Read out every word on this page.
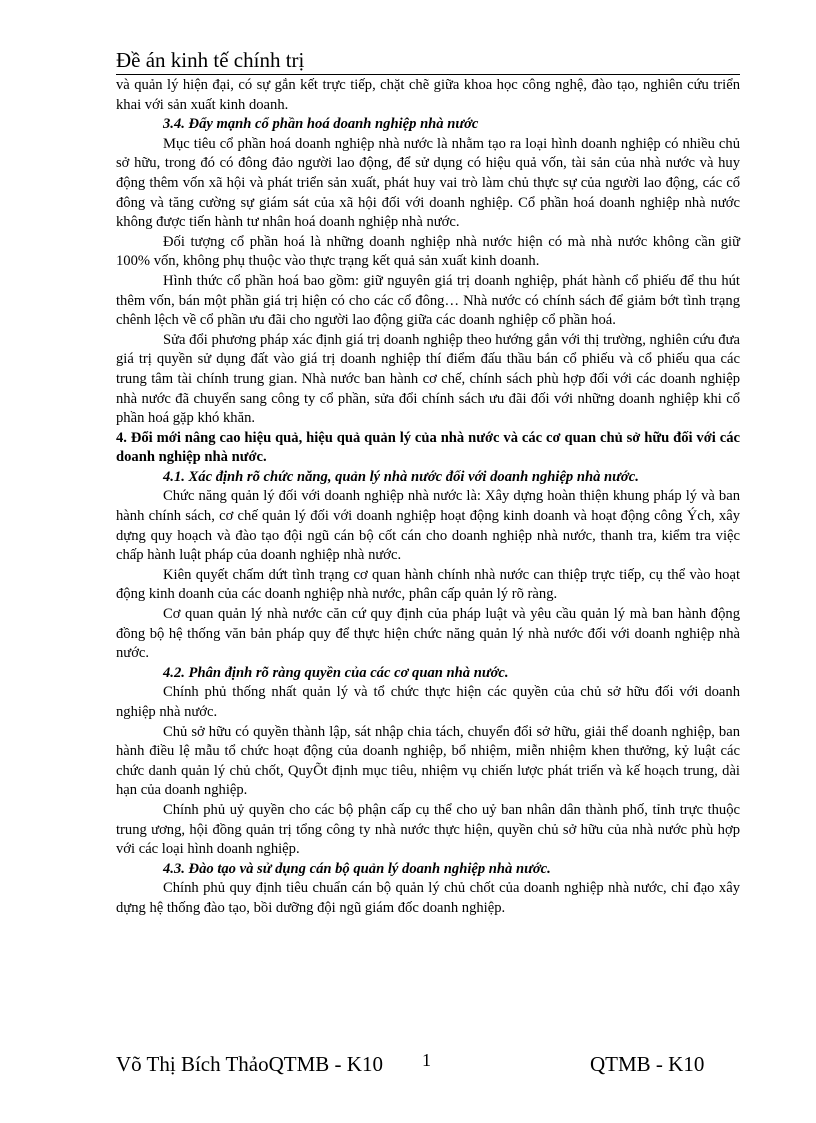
Đề án kinh tế chính trị

và quản lý hiện đại, có sự gắn kết trực tiếp, chặt chẽ giữa khoa học công nghệ, đào tạo, nghiên cứu triển khai với sản xuất kinh doanh.

3.4. Đẩy mạnh cổ phần hoá doanh nghiệp nhà nước

Mục tiêu cổ phần hoá doanh nghiệp nhà nước là nhằm tạo ra loại hình doanh nghiệp có nhiều chủ sở hữu, trong đó có đông đảo người lao động, để sử dụng có hiệu quả vốn, tài sản của nhà nước và huy động thêm vốn xã hội và phát triển sản xuất, phát huy vai trò làm chủ thực sự của người lao động, các cổ đông và tăng cường sự giám sát của xã hội đối với doanh nghiệp. Cổ phần hoá doanh nghiệp nhà nước không được tiến hành tư nhân hoá doanh nghiệp nhà nước.

Đối tượng cổ phần hoá là những doanh nghiệp nhà nước hiện có mà nhà nước không cần giữ 100% vốn, không phụ thuộc vào thực trạng kết quả sản xuất kinh doanh.

Hình thức cổ phần hoá bao gồm: giữ nguyên giá trị doanh nghiệp, phát hành cổ phiếu để thu hút thêm vốn, bán một phần giá trị hiện có cho các cổ đông… Nhà nước có chính sách để giảm bớt tình trạng chênh lệch về cổ phần ưu đãi cho người lao động giữa các doanh nghiệp cổ phần hoá.

Sửa đổi phương pháp xác định giá trị doanh nghiệp theo hướng gắn với thị trường, nghiên cứu đưa giá trị quyền sử dụng đất vào giá trị doanh nghiệp thí điểm đấu thầu bán cổ phiếu và cổ phiếu qua các trung tâm tài chính trung gian. Nhà nước ban hành cơ chế, chính sách phù hợp đối với các doanh nghiệp nhà nước đã chuyển sang công ty cổ phần, sửa đổi chính sách ưu đãi đối với những doanh nghiệp khi cổ phần hoá gặp khó khăn.

4. Đổi mới nâng cao hiệu quả, hiệu quả quản lý của nhà nước và các cơ quan chủ sở hữu đối với các doanh nghiệp nhà nước.

4.1. Xác định rõ chức năng, quản lý nhà nước đối với doanh nghiệp nhà nước.

Chức năng quản lý đối với doanh nghiệp nhà nước là: Xây dựng hoàn thiện khung pháp lý và ban hành chính sách, cơ chế quản lý đối với doanh nghiệp hoạt động kinh doanh và hoạt động công Ých, xây dựng quy hoạch và đào tạo đội ngũ cán bộ cốt cán cho doanh nghiệp nhà nước, thanh tra, kiểm tra việc chấp hành luật pháp của doanh nghiệp nhà nước.

Kiên quyết chấm dứt tình trạng cơ quan hành chính nhà nước can thiệp trực tiếp, cụ thể vào hoạt động kinh doanh của các doanh nghiệp nhà nước, phân cấp quản lý rõ ràng.

Cơ quan quản lý nhà nước căn cứ quy định của pháp luật và yêu cầu quản lý mà ban hành động đồng bộ hệ thống văn bản pháp quy để thực hiện chức năng quản lý nhà nước đối với doanh nghiệp nhà nước.

4.2. Phân định rõ ràng quyền của các cơ quan nhà nước.

Chính phủ thống nhất quản lý và tổ chức thực hiện các quyền của chủ sở hữu đối với doanh nghiệp nhà nước.

Chủ sở hữu có quyền thành lập, sát nhập chia tách, chuyển đổi sở hữu, giải thể doanh nghiệp, ban hành điều lệ mẫu tổ chức hoạt động của doanh nghiệp, bổ nhiệm, miễn nhiệm khen thưởng, kỷ luật các chức danh quản lý chủ chốt, QuyÕt định mục tiêu, nhiệm vụ chiến lược phát triển và kế hoạch trung, dài hạn của doanh nghiệp.

Chính phủ uỷ quyền cho các bộ phận cấp cụ thể cho uỷ ban nhân dân thành phố, tỉnh trực thuộc trung ương, hội đồng quản trị tổng công ty nhà nước thực hiện, quyền chủ sở hữu của nhà nước phù hợp với các loại hình doanh nghiệp.

4.3. Đào tạo và sử dụng cán bộ quản lý doanh nghiệp nhà nước.

Chính phủ quy định tiêu chuẩn cán bộ quản lý chủ chốt của doanh nghiệp nhà nước, chỉ đạo xây dựng hệ thống đào tạo, bồi dưỡng đội ngũ giám đốc doanh nghiệp.

Võ Thị Bích ThảoQTMB - K10 1	QTMB - K10
